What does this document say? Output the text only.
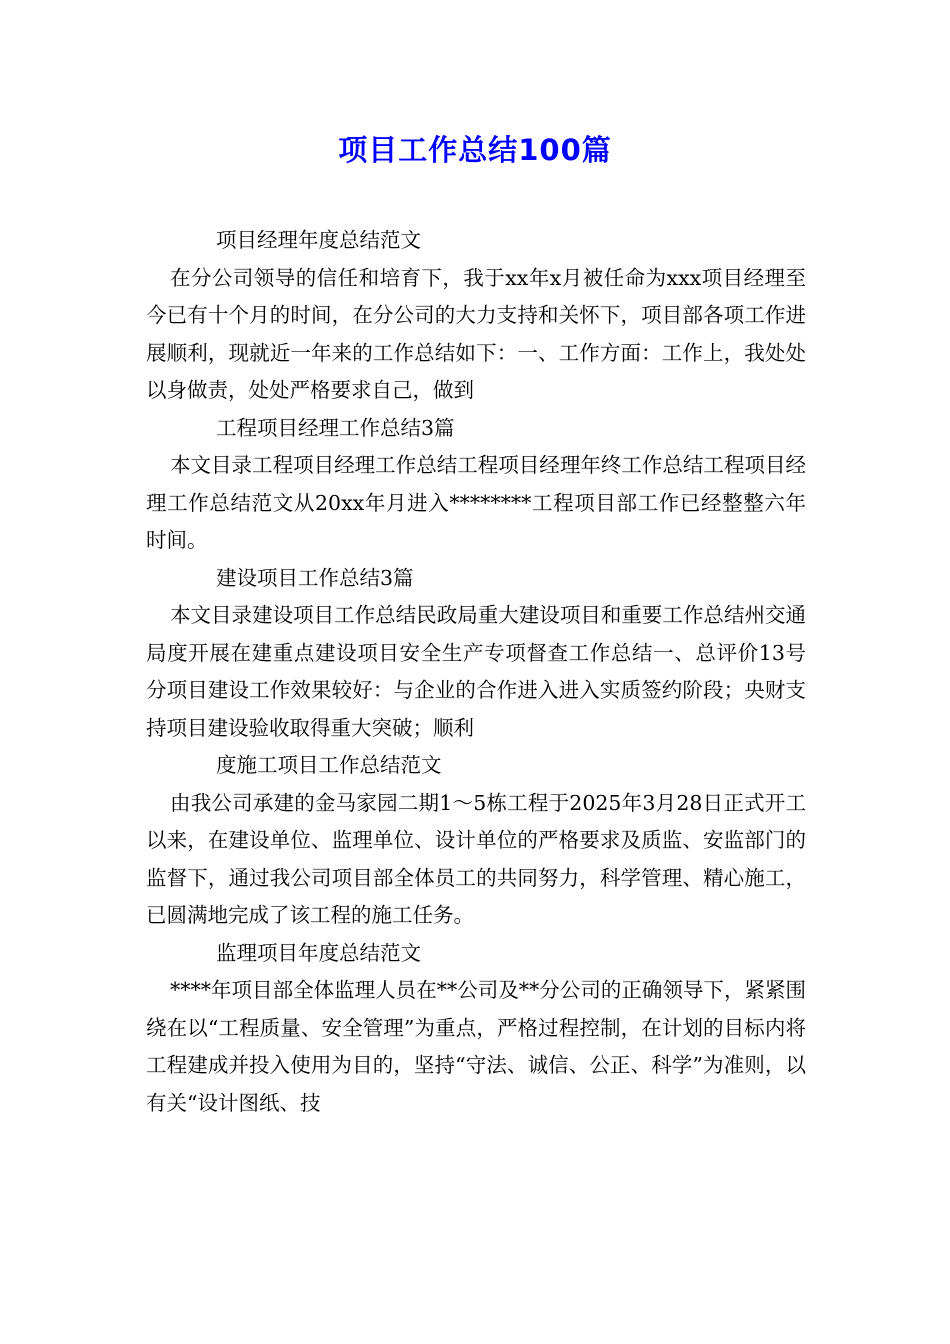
项目工作总结100篇
项目经理年度总结范文

在分公司领导的信任和培育下，我于xx年x月被任命为xxx项目经理至今已有十个月的时间，在分公司的大力支持和关怀下，项目部各项工作进展顺利，现就近一年来的工作总结如下：一、工作方面：工作上，我处处以身做责，处处严格要求自己，做到

工程项目经理工作总结3篇

本文目录工程项目经理工作总结工程项目经理年终工作总结工程项目经理工作总结范文从20xx年月进入********工程项目部工作已经整整六年时间。

建设项目工作总结3篇

本文目录建设项目工作总结民政局重大建设项目和重要工作总结州交通局度开展在建重点建设项目安全生产专项督查工作总结一、总评价13号分项目建设工作效果较好：与企业的合作进入进入实质签约阶段；央财支持项目建设验收取得重大突破；顺利

度施工项目工作总结范文

由我公司承建的金马家园二期1～5栋工程于2025年3月28日正式开工以来，在建设单位、监理单位、设计单位的严格要求及质监、安监部门的监督下，通过我公司项目部全体员工的共同努力，科学管理、精心施工，已圆满地完成了该工程的施工任务。

监理项目年度总结范文

****年项目部全体监理人员在**公司及**分公司的正确领导下，紧紧围绕在以“工程质量、安全管理”为重点，严格过程控制，在计划的目标内将工程建成并投入使用为目的，坚持“守法、诚信、公正、科学”为准则，以有关“设计图纸、技
